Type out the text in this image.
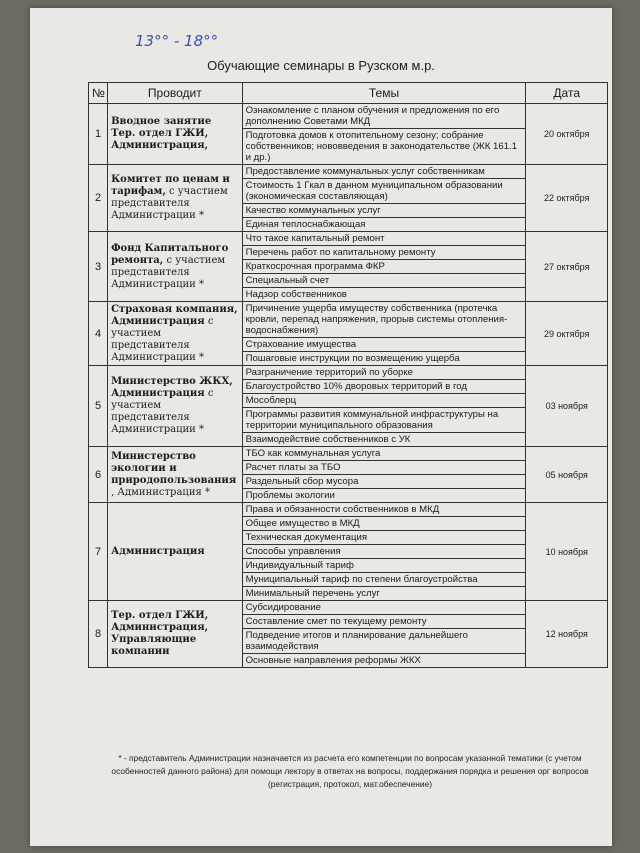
13°° - 18°°
Обучающие семинары в Рузском м.р.
№	Проводит	Темы	Дата
1	Вводное занятие Тер. отдел ГЖИ, Администрация,	Ознакомление с планом обучения и предложения по его дополнению Советами МКД	20 октября
		Подготовка домов к отопительному сезону; собрание собственников; нововведения в законодательстве (ЖК 161.1 и др.)	
2	Комитет по ценам и тарифам, с участием представителя Администрации *	Предоставление коммунальных услуг собственникам	22 октября
		Стоимость 1 Гкал в данном муниципальном образовании (экономическая составляющая)	
		Качество коммунальных услуг	
		Единая теплоснабжающая	
3	Фонд Капитального ремонта, с участием представителя Администрации *	Что такое капитальный ремонт	27 октября
		Перечень работ по капитальному ремонту	
		Краткосрочная программа ФКР	
		Специальный счет	
		Надзор собственников	
4	Страховая компания, Администрация с участием представителя Администрации *	Причинение ущерба имуществу собственника (протечка кровли, перепад напряжения, прорыв системы отопления-водоснабжения)	29 октября
		Страхование имущества	
		Пошаговые инструкции по возмещению ущерба	
5	Министерство ЖКХ, Администрация с участием представителя Администрации *	Разграничение территорий по уборке	03 ноября
		Благоустройство 10% дворовых территорий в год	
		Мособлерц	
		Программы развития коммунальной инфраструктуры на территории муниципального образования	
		Взаимодействие собственников с УК	
6	Министерство экологии и природопользования , Администрация *	ТБО как коммунальная услуга	05 ноября
		Расчет платы за ТБО	
		Раздельный сбор мусора	
		Проблемы экологии	
7	Администрация	Права и обязанности собственников в МКД	10 ноября
		Общее имущество в МКД	
		Техническая документация	
		Способы управления	
		Индивидуальный тариф	
		Муниципальный тариф по степени благоустройства	
		Минимальный перечень услуг	
8	Тер. отдел ГЖИ, Администрация, Управляющие компании	Субсидирование	12 ноября
		Составление смет по текущему ремонту	
		Подведение итогов и планирование дальнейшего взаимодействия	
		Основные направления реформы ЖКХ	
* - представитель Администрации назначается из расчета его компетенции по вопросам указанной тематики (с учетом особенностей данного района) для помощи лектору в ответах на вопросы, поддержания порядка и решения орг вопросов (регистрация, протокол, мат.обеспечение)
